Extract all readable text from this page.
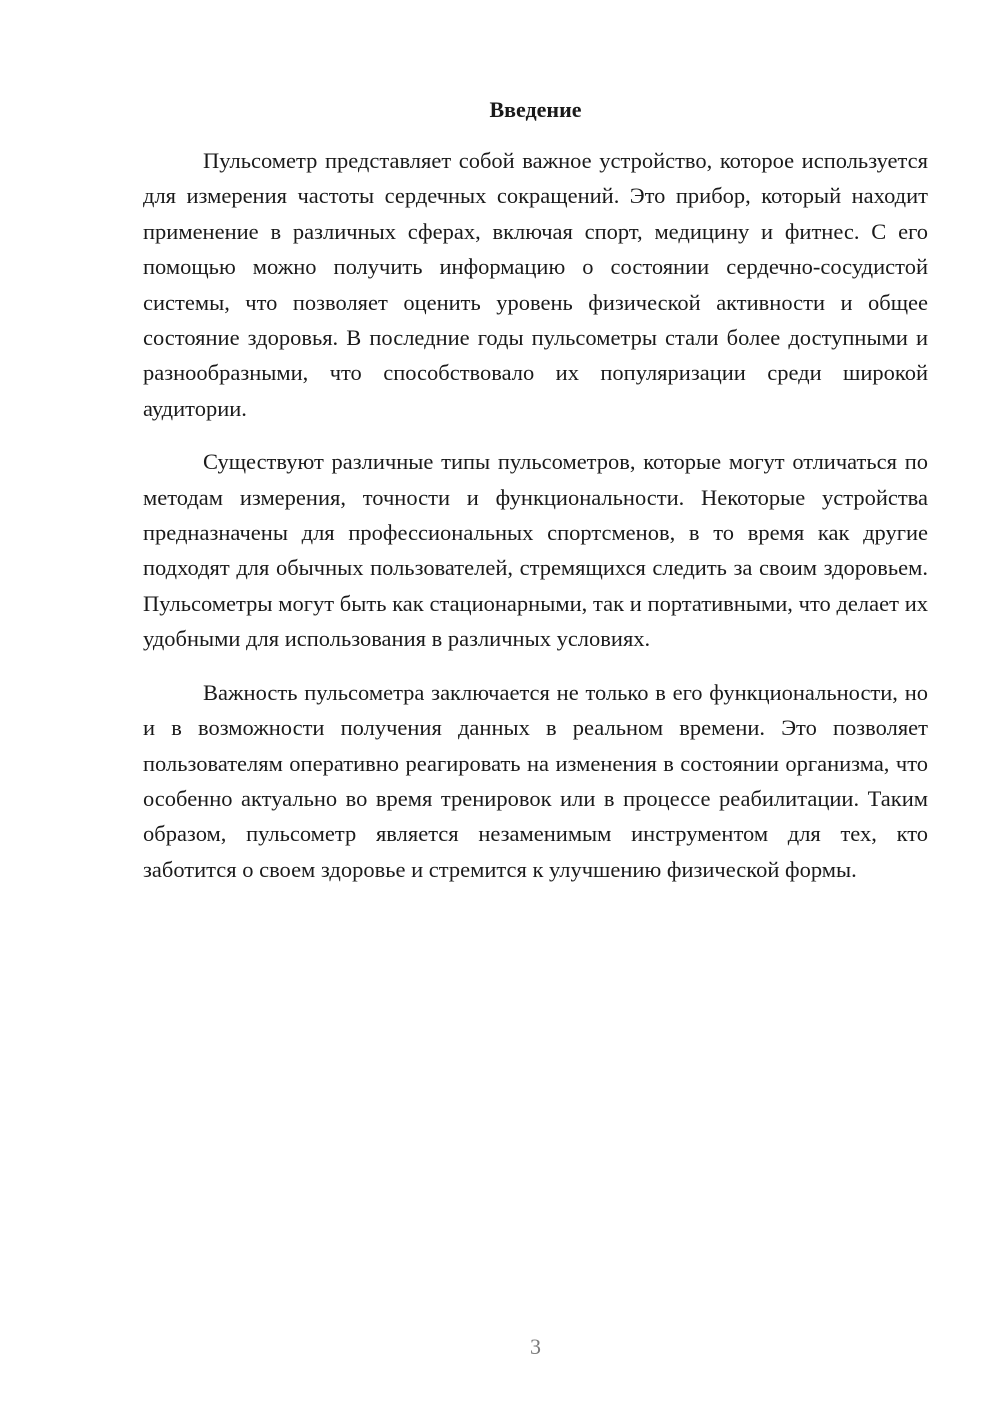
Введение

Пульсометр представляет собой важное устройство, которое используется для измерения частоты сердечных сокращений. Это прибор, который находит применение в различных сферах, включая спорт, медицину и фитнес. С его помощью можно получить информацию о состоянии сердечно-сосудистой системы, что позволяет оценить уровень физической активности и общее состояние здоровья. В последние годы пульсометры стали более доступными и разнообразными, что способствовало их популяризации среди широкой аудитории.

Существуют различные типы пульсометров, которые могут отличаться по методам измерения, точности и функциональности. Некоторые устройства предназначены для профессиональных спортсменов, в то время как другие подходят для обычных пользователей, стремящихся следить за своим здоровьем. Пульсометры могут быть как стационарными, так и портативными, что делает их удобными для использования в различных условиях.

Важность пульсометра заключается не только в его функциональности, но и в возможности получения данных в реальном времени. Это позволяет пользователям оперативно реагировать на изменения в состоянии организма, что особенно актуально во время тренировок или в процессе реабилитации. Таким образом, пульсометр является незаменимым инструментом для тех, кто заботится о своем здоровье и стремится к улучшению физической формы.

3
